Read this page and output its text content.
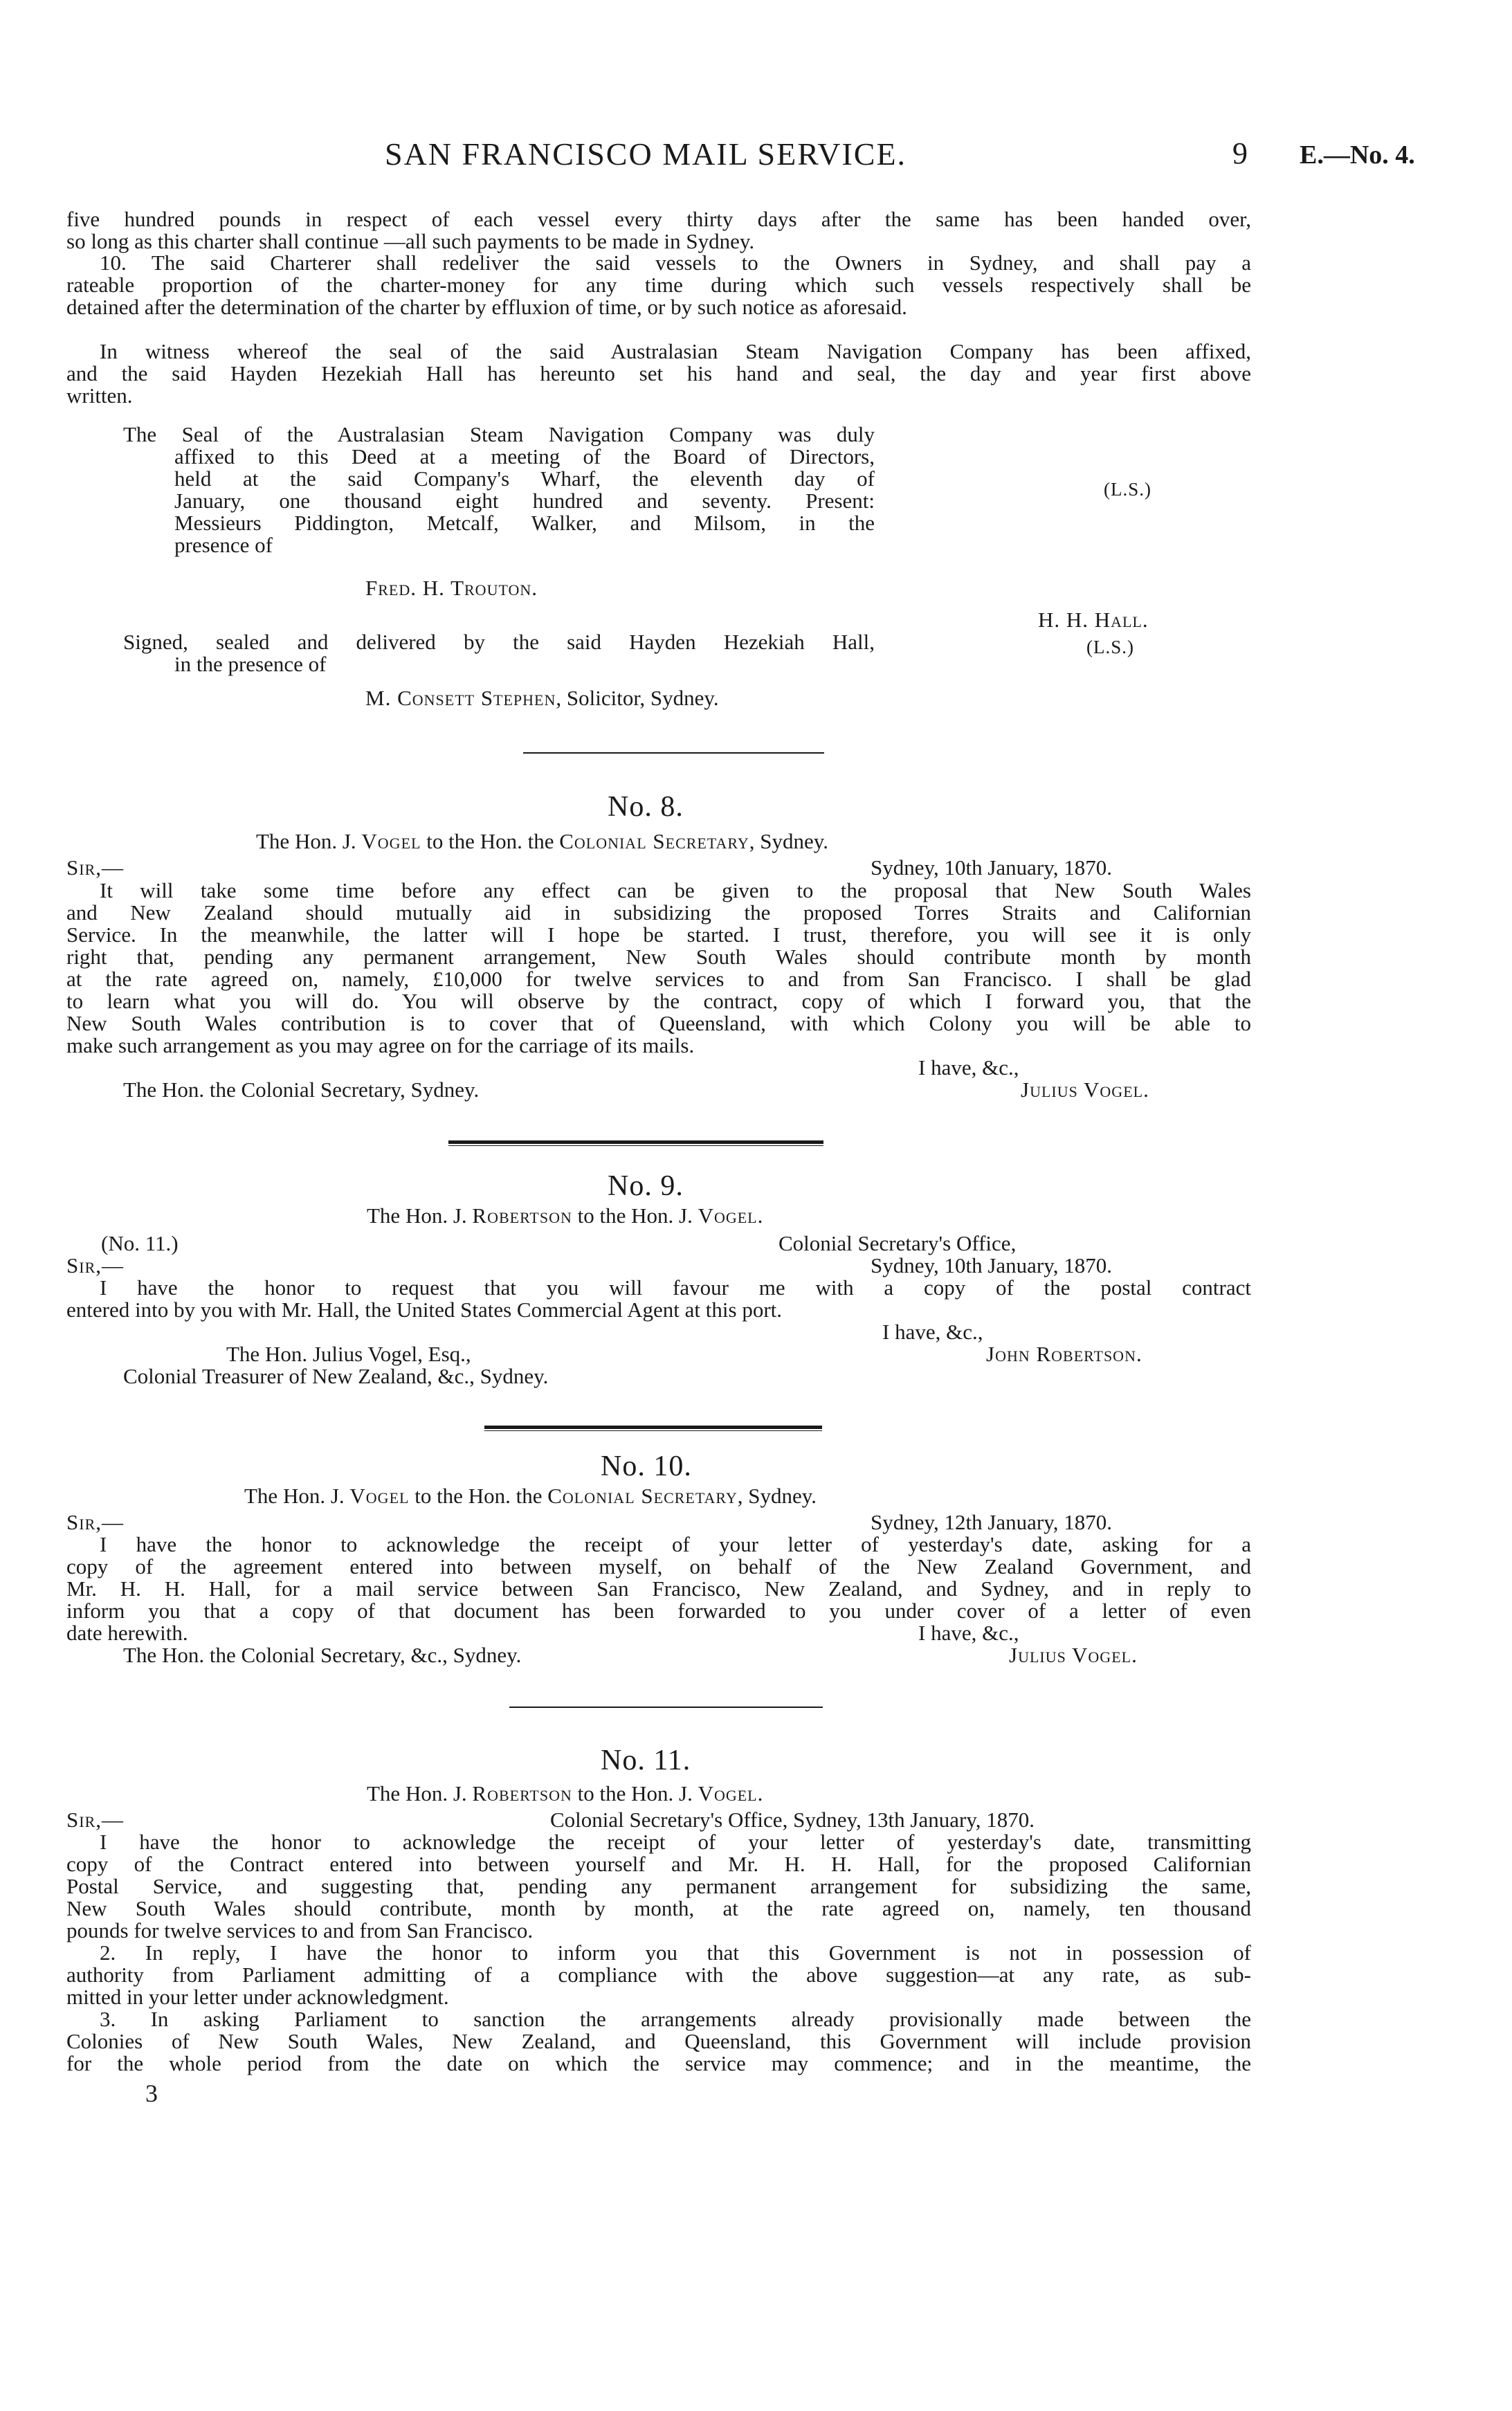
SAN FRANCISCO MAIL SERVICE.	9 E.—No. 4.
five hundred pounds in respect of each vessel every thirty days after the same has been handed over,
so long as this charter shall continue —all such payments to be made in Sydney.
10. The said Charterer shall redeliver the said vessels to the Owners in Sydney, and shall pay a
rateable proportion of the charter-money for any time during which such vessels respectively shall be
detained after the determination of the charter by effluxion of time, or by such notice as aforesaid.
In witness whereof the seal of the said Australasian Steam Navigation Company has been affixed,
and the said Hayden Hezekiah Hall has hereunto set his hand and seal, the day and year first above
written.
The Seal of the Australasian Steam Navigation Company was duly
affixed to this Deed at a meeting of the Board of Directors,
held at the said Company's Wharf, the eleventh day of
January, one thousand eight hundred and seventy. Present:
Messieurs Piddington, Metcalf, Walker, and Milsom, in the
presence of
(L.S.)
Fred. H. Trouton.
H. H. Hall.
Signed, sealed and delivered by the said Hayden Hezekiah Hall,
in the presence of
(L.S.)
M. Consett Stephen, Solicitor, Sydney.
No. 8.
The Hon. J. Vogel to the Hon. the Colonial Secretary, Sydney.
Sir,—	Sydney, 10th January, 1870.
It will take some time before any effect can be given to the proposal that New South Wales
and New Zealand should mutually aid in subsidizing the proposed Torres Straits and Californian
Service. In the meanwhile, the latter will I hope be started. I trust, therefore, you will see it is only
right that, pending any permanent arrangement, New South Wales should contribute month by month
at the rate agreed on, namely, £10,000 for twelve services to and from San Francisco. I shall be glad
to learn what you will do. You will observe by the contract, copy of which I forward you, that the
New South Wales contribution is to cover that of Queensland, with which Colony you will be able to
make such arrangement as you may agree on for the carriage of its mails.
I have, &c.,
The Hon. the Colonial Secretary, Sydney.	Julius Vogel.
No. 9.
The Hon. J. Robertson to the Hon. J. Vogel.
(No. 11.)	Colonial Secretary's Office,
Sir,—	Sydney, 10th January, 1870.
I have the honor to request that you will favour me with a copy of the postal contract
entered into by you with Mr. Hall, the United States Commercial Agent at this port.
I have, &c.,
The Hon. Julius Vogel, Esq.,	John Robertson.
Colonial Treasurer of New Zealand, &c., Sydney.
No. 10.
The Hon. J. Vogel to the Hon. the Colonial Secretary, Sydney.
Sir,—	Sydney, 12th January, 1870.
I have the honor to acknowledge the receipt of your letter of yesterday's date, asking for a
copy of the agreement entered into between myself, on behalf of the New Zealand Government, and
Mr. H. H. Hall, for a mail service between San Francisco, New Zealand, and Sydney, and in reply to
inform you that a copy of that document has been forwarded to you under cover of a letter of even
date herewith.	I have, &c.,
The Hon. the Colonial Secretary, &c., Sydney.	Julius Vogel.
No. 11.
The Hon. J. Robertson to the Hon. J. Vogel.
Sir,—	Colonial Secretary's Office, Sydney, 13th January, 1870.
I have the honor to acknowledge the receipt of your letter of yesterday's date, transmitting
copy of the Contract entered into between yourself and Mr. H. H. Hall, for the proposed Californian
Postal Service, and suggesting that, pending any permanent arrangement for subsidizing the same,
New South Wales should contribute, month by month, at the rate agreed on, namely, ten thousand
pounds for twelve services to and from San Francisco.
2. In reply, I have the honor to inform you that this Government is not in possession of
authority from Parliament admitting of a compliance with the above suggestion—at any rate, as sub-
mitted in your letter under acknowledgment.
3. In asking Parliament to sanction the arrangements already provisionally made between the
Colonies of New South Wales, New Zealand, and Queensland, this Government will include provision
for the whole period from the date on which the service may commence; and in the meantime, the
3
